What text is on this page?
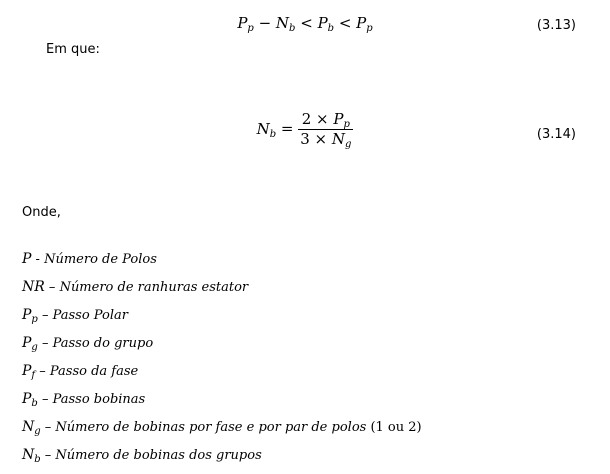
$P_p - N_b < P_b < P_p$	(3.13)
Em que:
$N_b = \frac{2 \times P_p}{3 \times N_g}$	(3.14)
Onde,
P - Número de Polos
NR – Número de ranhuras estator
$P_p$ – Passo Polar
$P_g$ – Passo do grupo
$P_f$ – Passo da fase
$P_b$ – Passo bobinas
$N_g$ – Número de bobinas por fase e por par de polos (1 ou 2)
$N_b$ – Número de bobinas dos grupos
